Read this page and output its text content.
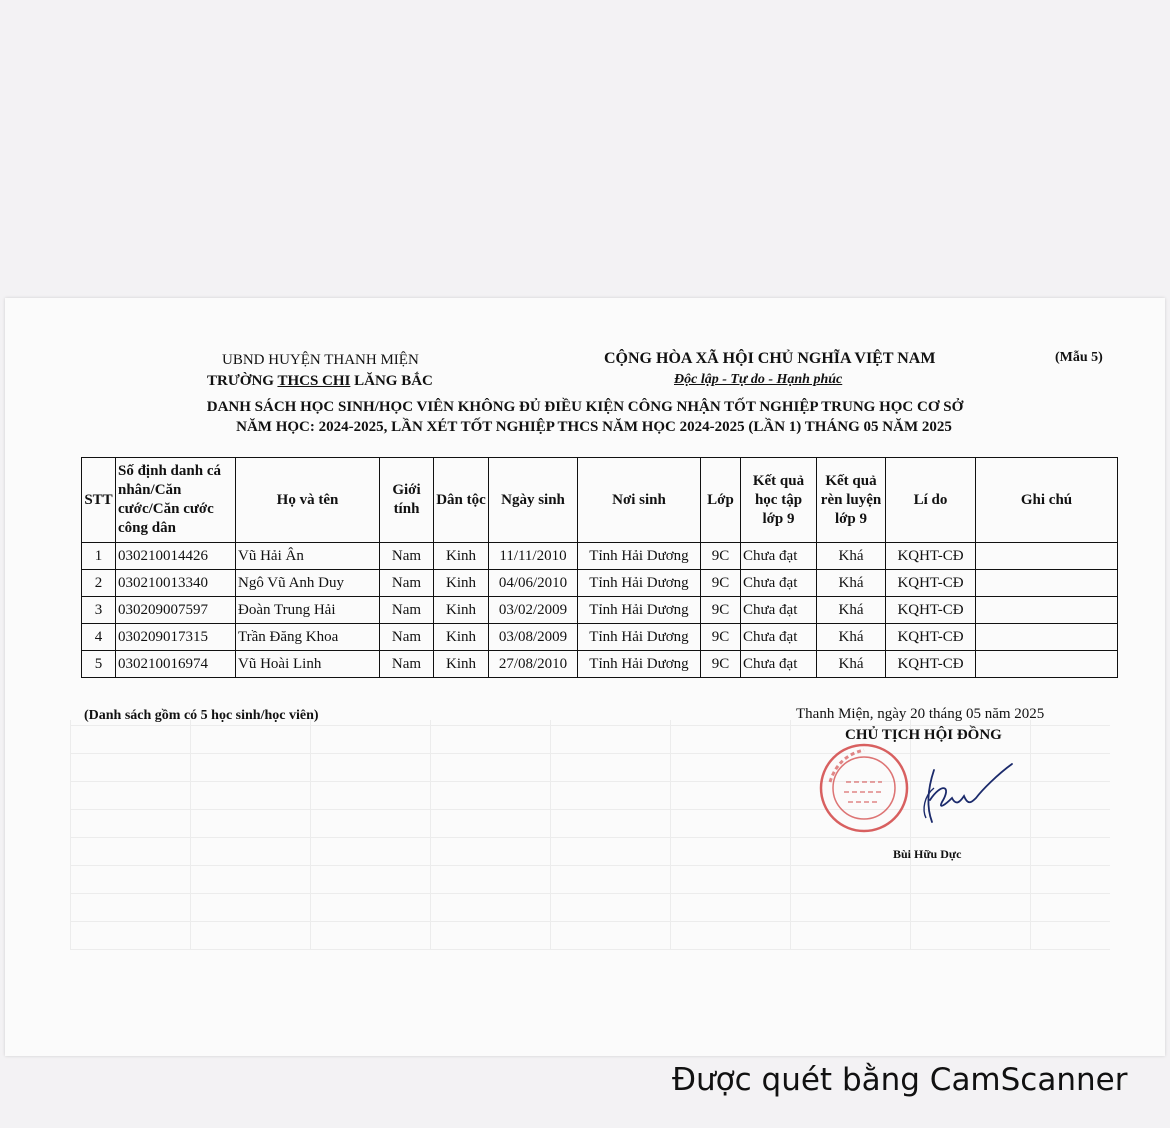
UBND HUYỆN THANH MIỆN
TRƯỜNG THCS CHI LĂNG BẮC
CỘNG HÒA XÃ HỘI CHỦ NGHĨA VIỆT NAM
Độc lập - Tự do - Hạnh phúc
(Mẫu 5)
DANH SÁCH HỌC SINH/HỌC VIÊN KHÔNG ĐỦ ĐIỀU KIỆN CÔNG NHẬN TỐT NGHIỆP TRUNG HỌC CƠ SỞ
NĂM HỌC: 2024-2025, LẦN XÉT TỐT NGHIỆP THCS NĂM HỌC 2024-2025 (LẦN 1) THÁNG 05 NĂM 2025
STT	Số định danh cá nhân/Căn cước/Căn cước công dân	Họ và tên	Giới tính	Dân tộc	Ngày sinh	Nơi sinh	Lớp	Kết quả học tập lớp 9	Kết quả rèn luyện lớp 9	Lí do	Ghi chú
1	030210014426	Vũ Hải Ân	Nam	Kinh	11/11/2010	Tỉnh Hải Dương	9C	Chưa đạt	Khá	KQHT-CĐ	
2	030210013340	Ngô Vũ Anh Duy	Nam	Kinh	04/06/2010	Tỉnh Hải Dương	9C	Chưa đạt	Khá	KQHT-CĐ	
3	030209007597	Đoàn Trung Hải	Nam	Kinh	03/02/2009	Tỉnh Hải Dương	9C	Chưa đạt	Khá	KQHT-CĐ	
4	030209017315	Trần Đăng Khoa	Nam	Kinh	03/08/2009	Tỉnh Hải Dương	9C	Chưa đạt	Khá	KQHT-CĐ	
5	030210016974	Vũ Hoài Linh	Nam	Kinh	27/08/2010	Tỉnh Hải Dương	9C	Chưa đạt	Khá	KQHT-CĐ	
(Danh sách gồm có 5 học sinh/học viên)	Thanh Miện, ngày 20 tháng 05 năm 2025
CHỦ TỊCH HỘI ĐỒNG
Bùi Hữu Dực
Được quét bằng CamScanner
